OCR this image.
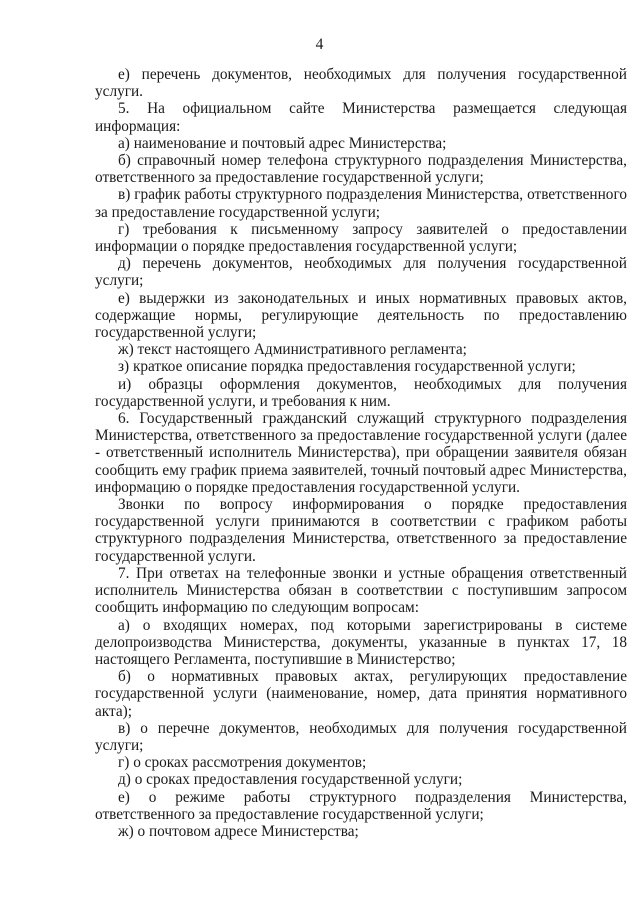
4

е) перечень документов, необходимых для получения государственной услуги.

5. На официальном сайте Министерства размещается следующая информация:

а) наименование и почтовый адрес Министерства;

б) справочный номер телефона структурного подразделения Министерства, ответственного за предоставление государственной услуги;

в) график работы структурного подразделения Министерства, ответственного за предоставление государственной услуги;

г) требования к письменному запросу заявителей о предоставлении информации о порядке предоставления государственной услуги;

д) перечень документов, необходимых для получения государственной услуги;

е) выдержки из законодательных и иных нормативных правовых актов, содержащие нормы, регулирующие деятельность по предоставлению государственной услуги;

ж) текст настоящего Административного регламента;

з) краткое описание порядка предоставления государственной услуги;

и) образцы оформления документов, необходимых для получения государственной услуги, и требования к ним.

6. Государственный гражданский служащий структурного подразделения Министерства, ответственного за предоставление государственной услуги (далее - ответственный исполнитель Министерства), при обращении заявителя обязан сообщить ему график приема заявителей, точный почтовый адрес Министерства, информацию о порядке предоставления государственной услуги.

Звонки по вопросу информирования о порядке предоставления государственной услуги принимаются в соответствии с графиком работы структурного подразделения Министерства, ответственного за предоставление государственной услуги.

7. При ответах на телефонные звонки и устные обращения ответственный исполнитель Министерства обязан в соответствии с поступившим запросом сообщить информацию по следующим вопросам:

а) о входящих номерах, под которыми зарегистрированы в системе делопроизводства Министерства, документы, указанные в пунктах 17, 18 настоящего Регламента, поступившие в Министерство;

б) о нормативных правовых актах, регулирующих предоставление государственной услуги (наименование, номер, дата принятия нормативного акта);

в) о перечне документов, необходимых для получения государственной услуги;

г) о сроках рассмотрения документов;

д) о сроках предоставления государственной услуги;

е) о режиме работы структурного подразделения Министерства, ответственного за предоставление государственной услуги;

ж) о почтовом адресе Министерства;
